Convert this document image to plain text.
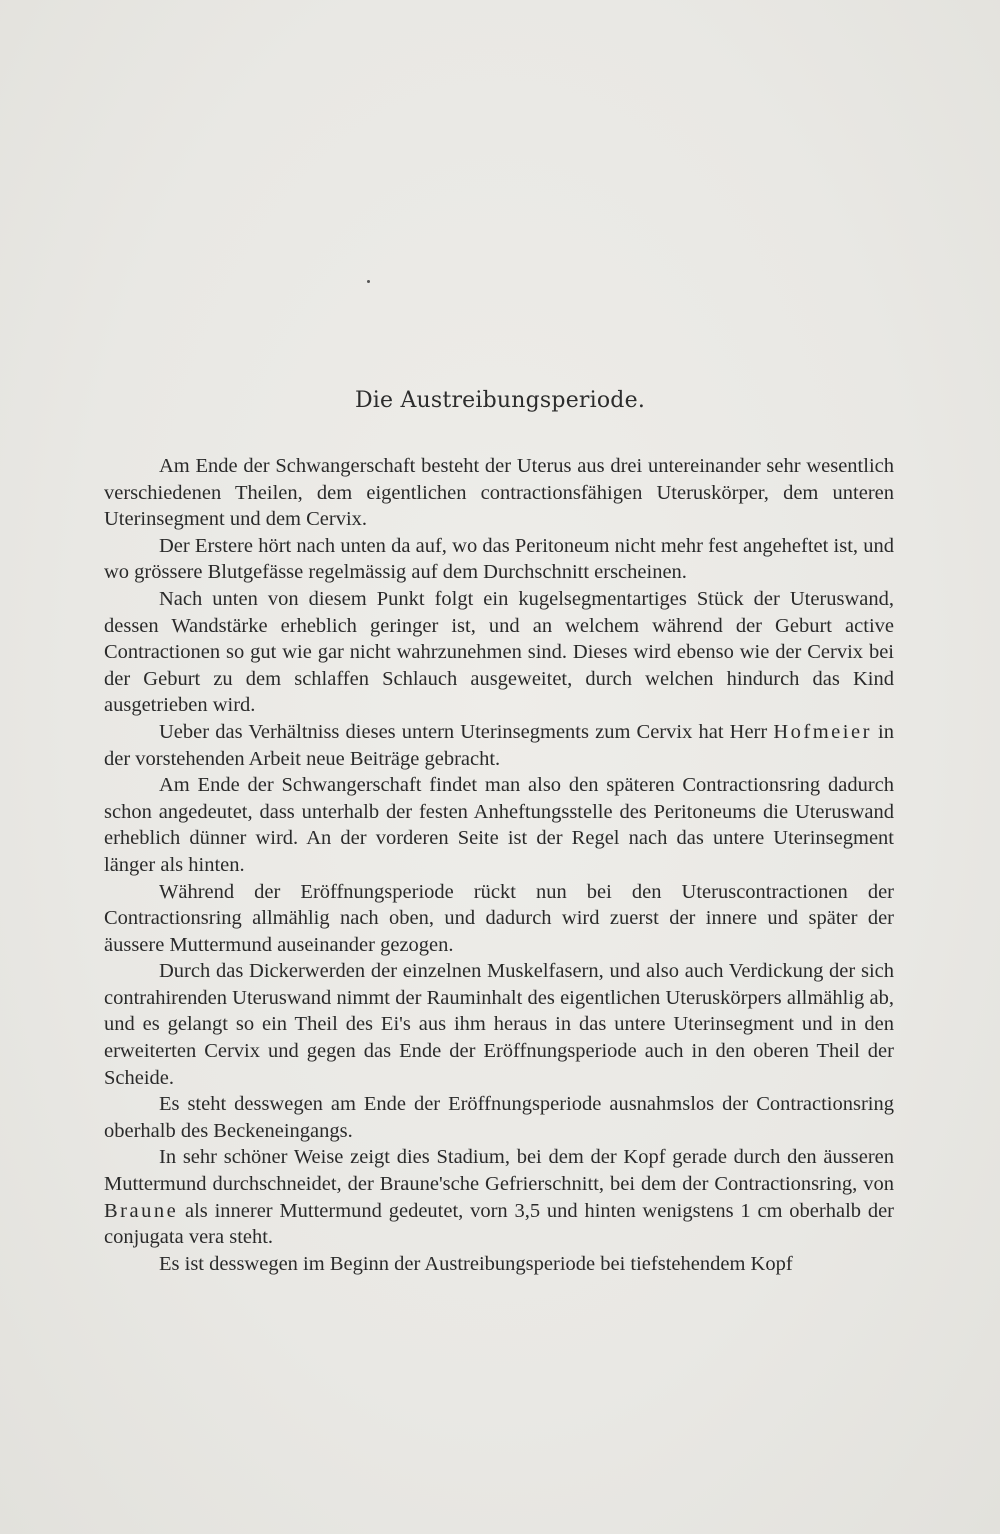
Die Austreibungsperiode.

Am Ende der Schwangerschaft besteht der Uterus aus drei untereinander sehr wesentlich verschiedenen Theilen, dem eigentlichen contractionsfähigen Uteruskörper, dem unteren Uterinsegment und dem Cervix.

Der Erstere hört nach unten da auf, wo das Peritoneum nicht mehr fest angeheftet ist, und wo grössere Blutgefässe regelmässig auf dem Durchschnitt erscheinen.

Nach unten von diesem Punkt folgt ein kugelsegmentartiges Stück der Uteruswand, dessen Wandstärke erheblich geringer ist, und an welchem während der Geburt active Contractionen so gut wie gar nicht wahrzunehmen sind. Dieses wird ebenso wie der Cervix bei der Geburt zu dem schlaffen Schlauch ausgeweitet, durch welchen hindurch das Kind ausgetrieben wird.

Ueber das Verhältniss dieses untern Uterinsegments zum Cervix hat Herr Hofmeier in der vorstehenden Arbeit neue Beiträge gebracht.

Am Ende der Schwangerschaft findet man also den späteren Contractionsring dadurch schon angedeutet, dass unterhalb der festen Anheftungsstelle des Peritoneums die Uteruswand erheblich dünner wird. An der vorderen Seite ist der Regel nach das untere Uterinsegment länger als hinten.

Während der Eröffnungsperiode rückt nun bei den Uteruscontractionen der Contractionsring allmählig nach oben, und dadurch wird zuerst der innere und später der äussere Muttermund auseinander gezogen.

Durch das Dickerwerden der einzelnen Muskelfasern, und also auch Verdickung der sich contrahirenden Uteruswand nimmt der Rauminhalt des eigentlichen Uteruskörpers allmählig ab, und es gelangt so ein Theil des Ei's aus ihm heraus in das untere Uterinsegment und in den erweiterten Cervix und gegen das Ende der Eröffnungsperiode auch in den oberen Theil der Scheide.

Es steht desswegen am Ende der Eröffnungsperiode ausnahmslos der Contractionsring oberhalb des Beckeneingangs.

In sehr schöner Weise zeigt dies Stadium, bei dem der Kopf gerade durch den äusseren Muttermund durchschneidet, der Braune'sche Gefrierschnitt, bei dem der Contractionsring, von Braune als innerer Muttermund gedeutet, vorn 3,5 und hinten wenigstens 1 cm oberhalb der conjugata vera steht.

Es ist desswegen im Beginn der Austreibungsperiode bei tiefstehendem Kopf
